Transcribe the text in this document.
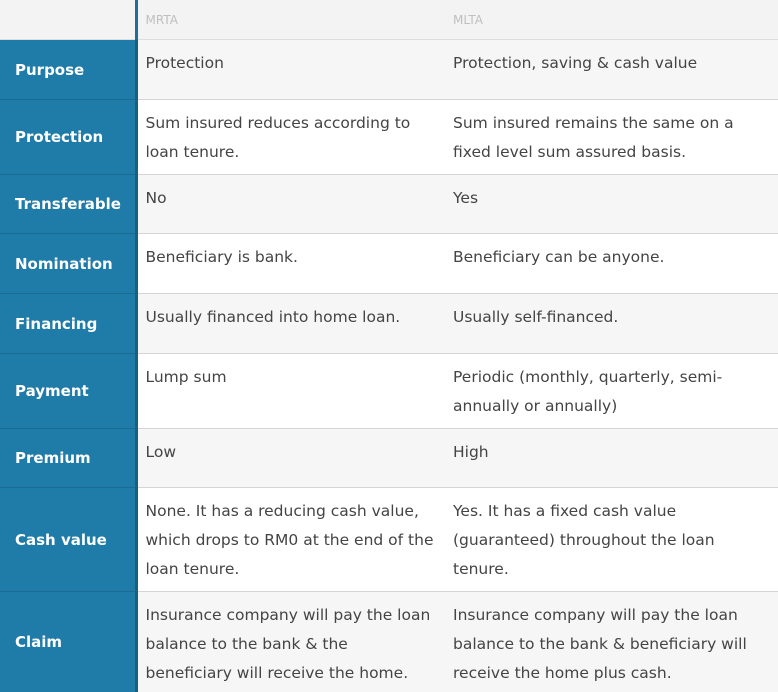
	MRTA	MLTA
Purpose	Protection	Protection, saving & cash value
Protection	Sum insured reduces according to loan tenure.	Sum insured remains the same on a fixed level sum assured basis.
Transferable	No	Yes
Nomination	Beneficiary is bank.	Beneficiary can be anyone.
Financing	Usually financed into home loan.	Usually self-financed.
Payment	Lump sum	Periodic (monthly, quarterly, semi-annually or annually)
Premium	Low	High
Cash value	None. It has a reducing cash value, which drops to RM0 at the end of the loan tenure.	Yes. It has a fixed cash value (guaranteed) throughout the loan tenure.
Claim	Insurance company will pay the loan balance to the bank & the beneficiary will receive the home.	Insurance company will pay the loan balance to the bank & beneficiary will receive the home plus cash.
